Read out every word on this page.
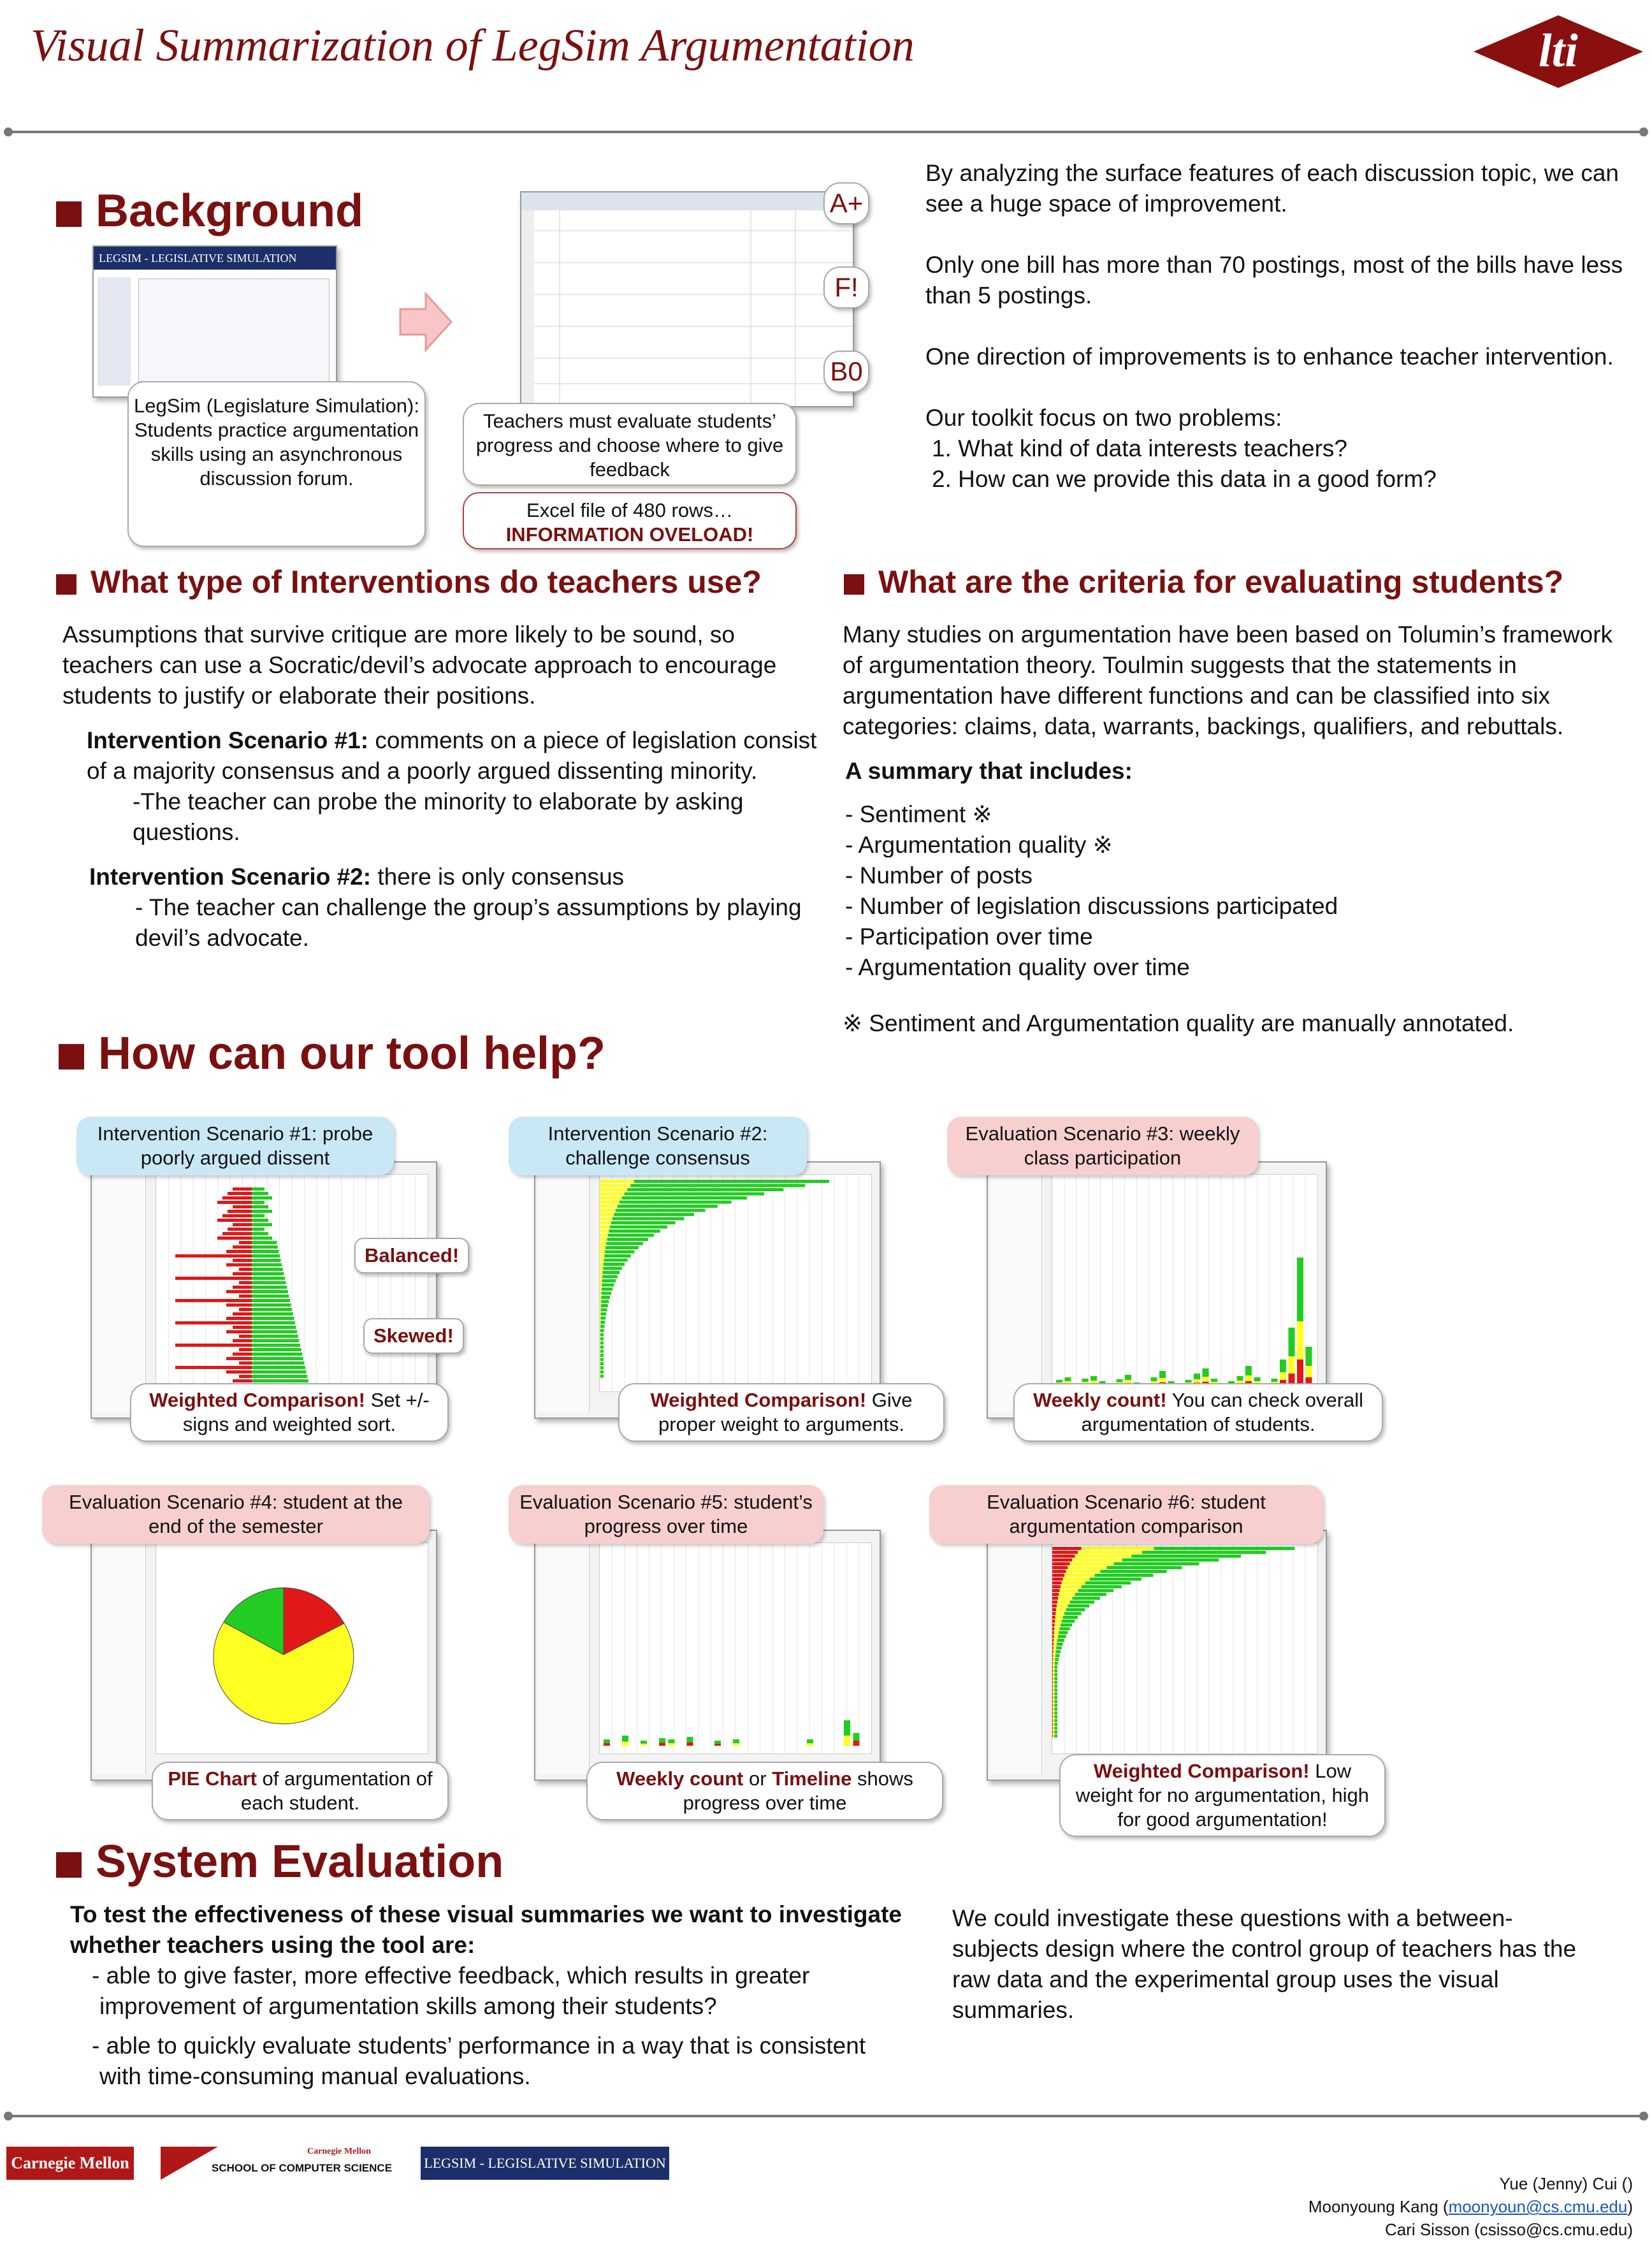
Visual Summarization of LegSim Argumentation	lti
Background
LEGSIM - LEGISLATIVE SIMULATION
LegSim (Legislature Simulation): Students practice argumentation skills using an asynchronous discussion forum.
A+
F!
B0
Teachers must evaluate students’ progress and choose where to give feedback
Excel file of 480 rows…
INFORMATION OVELOAD!

By analyzing the surface features of each discussion topic, we can see a huge space of improvement.

Only one bill has more than 70 postings, most of the bills have less than 5 postings.

One direction of improvements is to enhance teacher intervention.

Our toolkit focus on two problems:

1. What kind of data interests teachers?

2. How can we provide this data in a good form?

What type of Interventions do teachers use?

Assumptions that survive critique are more likely to be sound, so teachers can use a Socratic/devil’s advocate approach to encourage students to justify or elaborate their positions.

Intervention Scenario #1: comments on a piece of legislation consist of a majority consensus and a poorly argued dissenting minority.

-The teacher can probe the minority to elaborate by asking questions.

Intervention Scenario #2: there is only consensus

- The teacher can challenge the group’s assumptions by playing devil’s advocate.

What are the criteria for evaluating students?

Many studies on argumentation have been based on Tolumin’s framework of argumentation theory. Toulmin suggests that the statements in argumentation have different functions and can be classified into six categories: claims, data, warrants, backings, qualifiers, and rebuttals.

A summary that includes:

- Sentiment ※

- Argumentation quality ※

- Number of posts

- Number of legislation discussions participated

- Participation over time

- Argumentation quality over time

※ Sentiment and Argumentation quality are manually annotated.

How can our tool help?
Intervention Scenario #1: probe poorly argued dissent
Balanced!
Skewed!
Weighted Comparison! Set +/- signs and weighted sort.
Intervention Scenario #2: challenge consensus
Weighted Comparison! Give proper weight to arguments.
Evaluation Scenario #3: weekly class participation
Weekly count! You can check overall argumentation of students.
Evaluation Scenario #4: student at the end of the semester
PIE Chart of argumentation of each student.
Evaluation Scenario #5: student’s progress over time
Weekly count or Timeline shows progress over time
Evaluation Scenario #6: student argumentation comparison
Weighted Comparison! Low weight for no argumentation, high for good argumentation!
System Evaluation

To test the effectiveness of these visual summaries we want to investigate whether teachers using the tool are:

- able to give faster, more effective feedback, which results in greater improvement of argumentation skills among their students?

- able to quickly evaluate students’ performance in a way that is consistent with time-consuming manual evaluations.

We could investigate these questions with a between-subjects design where the control group of teachers has the raw data and the experimental group uses the visual summaries.
Carnegie Mellon
Carnegie Mellon
SCHOOL OF COMPUTER SCIENCE LEGSIM - LEGISLATIVE SIMULATION
Yue (Jenny) Cui ()
Moonyoung Kang (moonyoun@cs.cmu.edu)
Cari Sisson (csisso@cs.cmu.edu)
